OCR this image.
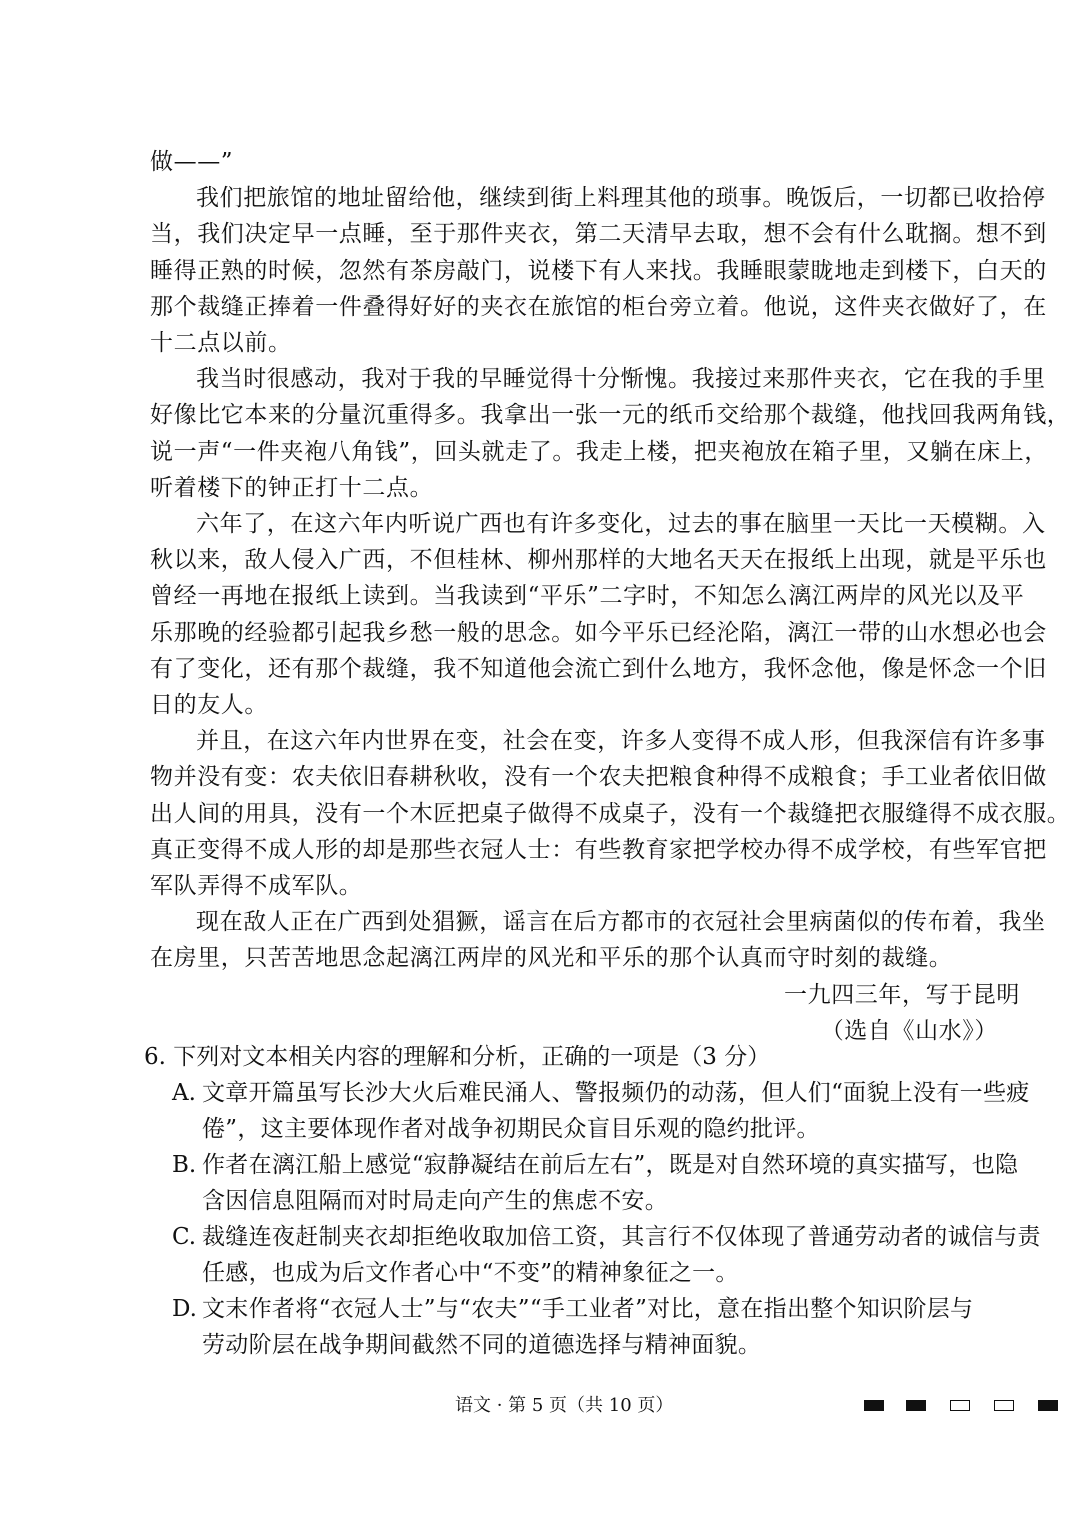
做——”
我们把旅馆的地址留给他，继续到街上料理其他的琐事。晚饭后，一切都已收拾停
当，我们决定早一点睡，至于那件夹衣，第二天清早去取，想不会有什么耽搁。想不到
睡得正熟的时候，忽然有茶房敲门，说楼下有人来找。我睡眼蒙眬地走到楼下，白天的
那个裁缝正捧着一件叠得好好的夹衣在旅馆的柜台旁立着。他说，这件夹衣做好了，在
十二点以前。
我当时很感动，我对于我的早睡觉得十分惭愧。我接过来那件夹衣，它在我的手里
好像比它本来的分量沉重得多。我拿出一张一元的纸币交给那个裁缝，他找回我两角钱，
说一声“一件夹袍八角钱”，回头就走了。我走上楼，把夹袍放在箱子里，又躺在床上，
听着楼下的钟正打十二点。
六年了，在这六年内听说广西也有许多变化，过去的事在脑里一天比一天模糊。入
秋以来，敌人侵入广西，不但桂林、柳州那样的大地名天天在报纸上出现，就是平乐也
曾经一再地在报纸上读到。当我读到“平乐”二字时，不知怎么漓江两岸的风光以及平
乐那晚的经验都引起我乡愁一般的思念。如今平乐已经沦陷，漓江一带的山水想必也会
有了变化，还有那个裁缝，我不知道他会流亡到什么地方，我怀念他，像是怀念一个旧
日的友人。
并且，在这六年内世界在变，社会在变，许多人变得不成人形，但我深信有许多事
物并没有变：农夫依旧春耕秋收，没有一个农夫把粮食种得不成粮食；手工业者依旧做
出人间的用具，没有一个木匠把桌子做得不成桌子，没有一个裁缝把衣服缝得不成衣服。
真正变得不成人形的却是那些衣冠人士：有些教育家把学校办得不成学校，有些军官把
军队弄得不成军队。
现在敌人正在广西到处猖獗，谣言在后方都市的衣冠社会里病菌似的传布着，我坐
在房里，只苦苦地思念起漓江两岸的风光和平乐的那个认真而守时刻的裁缝。
一九四三年，写于昆明
（选自《山水》）
6. 下列对文本相关内容的理解和分析，正确的一项是（3 分）
A. 文章开篇虽写长沙大火后难民涌人、警报频仍的动荡，但人们“面貌上没有一些疲
倦”，这主要体现作者对战争初期民众盲目乐观的隐约批评。
B. 作者在漓江船上感觉“寂静凝结在前后左右”，既是对自然环境的真实描写，也隐
含因信息阻隔而对时局走向产生的焦虑不安。
C. 裁缝连夜赶制夹衣却拒绝收取加倍工资，其言行不仅体现了普通劳动者的诚信与责
任感，也成为后文作者心中“不变”的精神象征之一。
D. 文末作者将“衣冠人士”与“农夫”“手工业者”对比，意在指出整个知识阶层与
劳动阶层在战争期间截然不同的道德选择与精神面貌。
语文 · 第 5 页（共 10 页）
